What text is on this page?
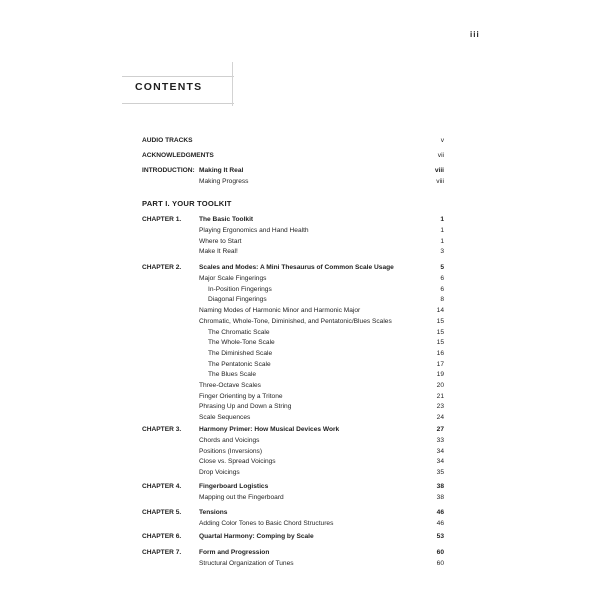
iii
CONTENTS
PART I. YOUR TOOLKIT
AUDIO TRACKS	v
ACKNOWLEDGMENTS	vii
INTRODUCTION: Making It Real	viii
Making Progress	viii
CHAPTER 1.	The Basic Toolkit	1
Playing Ergonomics and Hand Health	1
Where to Start	1
Make It Real!	3
CHAPTER 2.	Scales and Modes: A Mini Thesaurus of Common Scale Usage	5
Major Scale Fingerings	6
In-Position Fingerings	6
Diagonal Fingerings	8
Naming Modes of Harmonic Minor and Harmonic Major	14
Chromatic, Whole-Tone, Diminished, and Pentatonic/Blues Scales	15
The Chromatic Scale	15
The Whole-Tone Scale	15
The Diminished Scale	16
The Pentatonic Scale	17
The Blues Scale	19
Three-Octave Scales	20
Finger Orienting by a Tritone	21
Phrasing Up and Down a String	23
Scale Sequences	24
CHAPTER 3.	Harmony Primer: How Musical Devices Work	27
Chords and Voicings	33
Positions (Inversions)	34
Close vs. Spread Voicings	34
Drop Voicings	35
CHAPTER 4.	Fingerboard Logistics	38
Mapping out the Fingerboard	38
CHAPTER 5.	Tensions	46
Adding Color Tones to Basic Chord Structures	46
CHAPTER 6.	Quartal Harmony: Comping by Scale	53
CHAPTER 7.	Form and Progression	60
Structural Organization of Tunes	60
